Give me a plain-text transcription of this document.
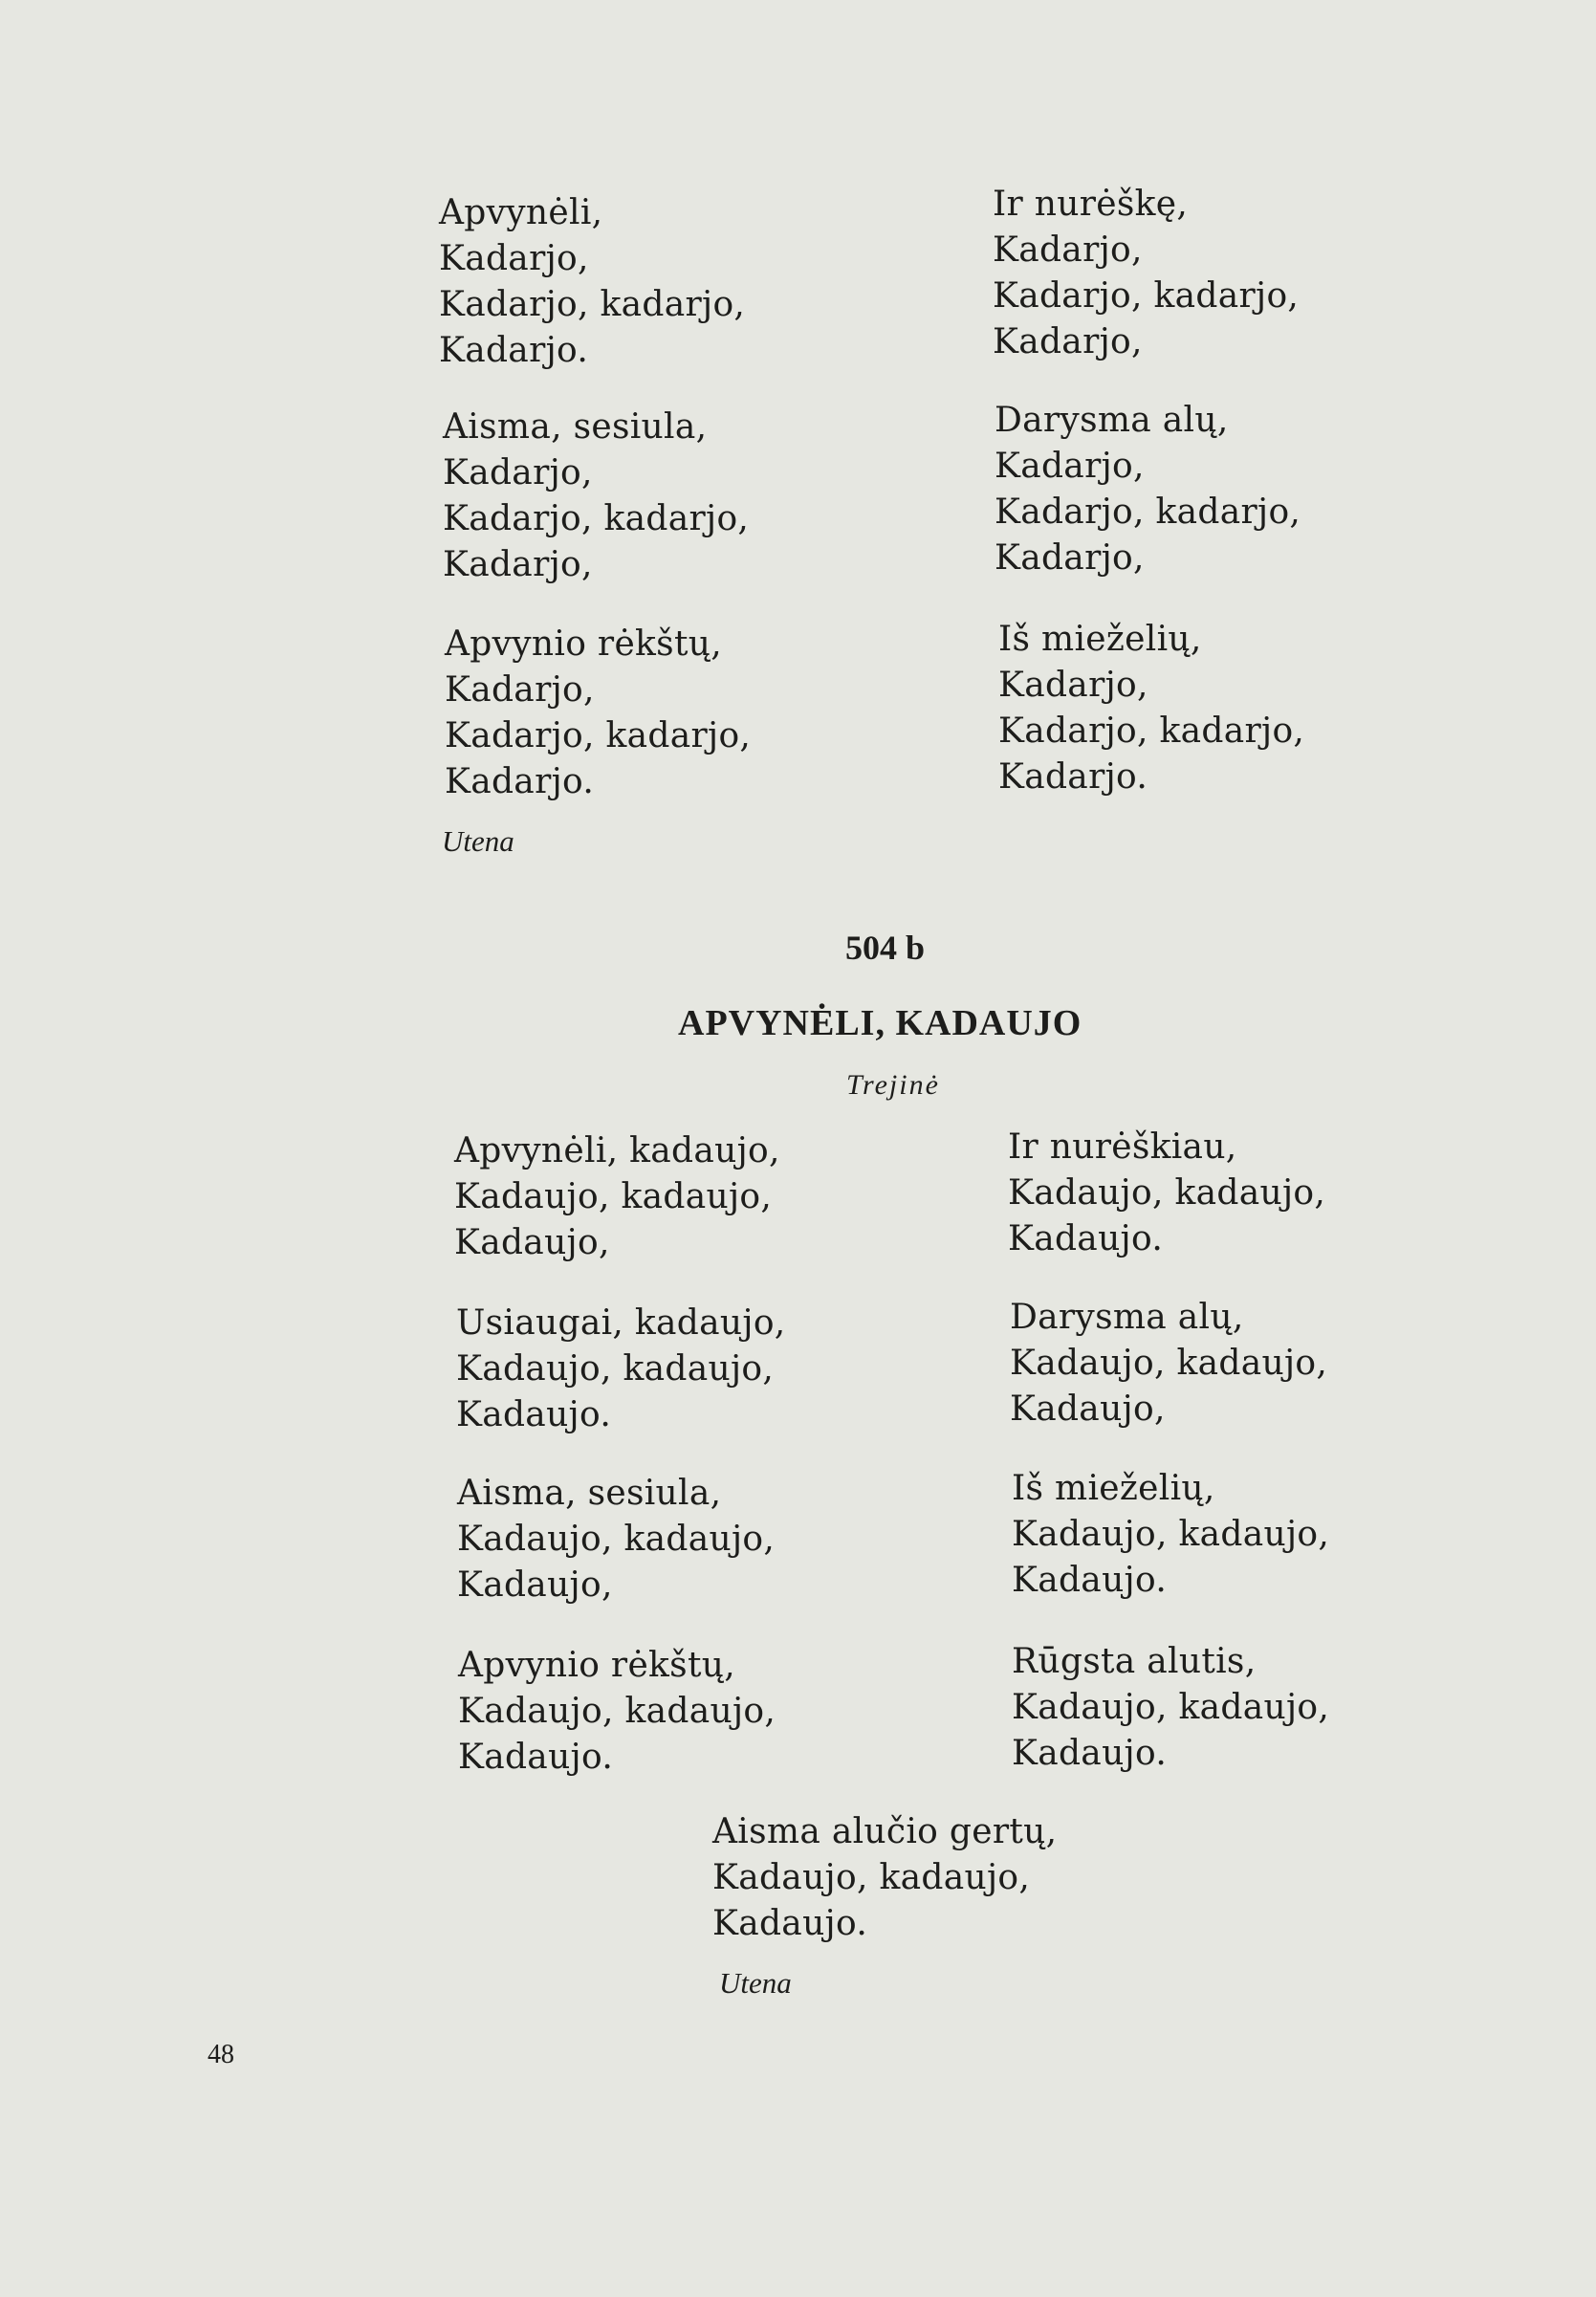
Apvynėli,
Kadarjo,
Kadarjo, kadarjo,
Kadarjo.
Aisma, sesiula,
Kadarjo,
Kadarjo, kadarjo,
Kadarjo,
Apvynio rėkštų,
Kadarjo,
Kadarjo, kadarjo,
Kadarjo.
Utena
Ir nurėškę,
Kadarjo,
Kadarjo, kadarjo,
Kadarjo,
Darysma alų,
Kadarjo,
Kadarjo, kadarjo,
Kadarjo,
Iš mieželių,
Kadarjo,
Kadarjo, kadarjo,
Kadarjo.
504 b
APVYNĖLI, KADAUJO
Trejinė
Apvynėli, kadaujo,
Kadaujo, kadaujo,
Kadaujo,
Usiaugai, kadaujo,
Kadaujo, kadaujo,
Kadaujo.
Aisma, sesiula,
Kadaujo, kadaujo,
Kadaujo,
Apvynio rėkštų,
Kadaujo, kadaujo,
Kadaujo.
Ir nurėškiau,
Kadaujo, kadaujo,
Kadaujo.
Darysma alų,
Kadaujo, kadaujo,
Kadaujo,
Iš mieželių,
Kadaujo, kadaujo,
Kadaujo.
Rūgsta alutis,
Kadaujo, kadaujo,
Kadaujo.
Aisma alučio gertų,
Kadaujo, kadaujo,
Kadaujo.
Utena
48
